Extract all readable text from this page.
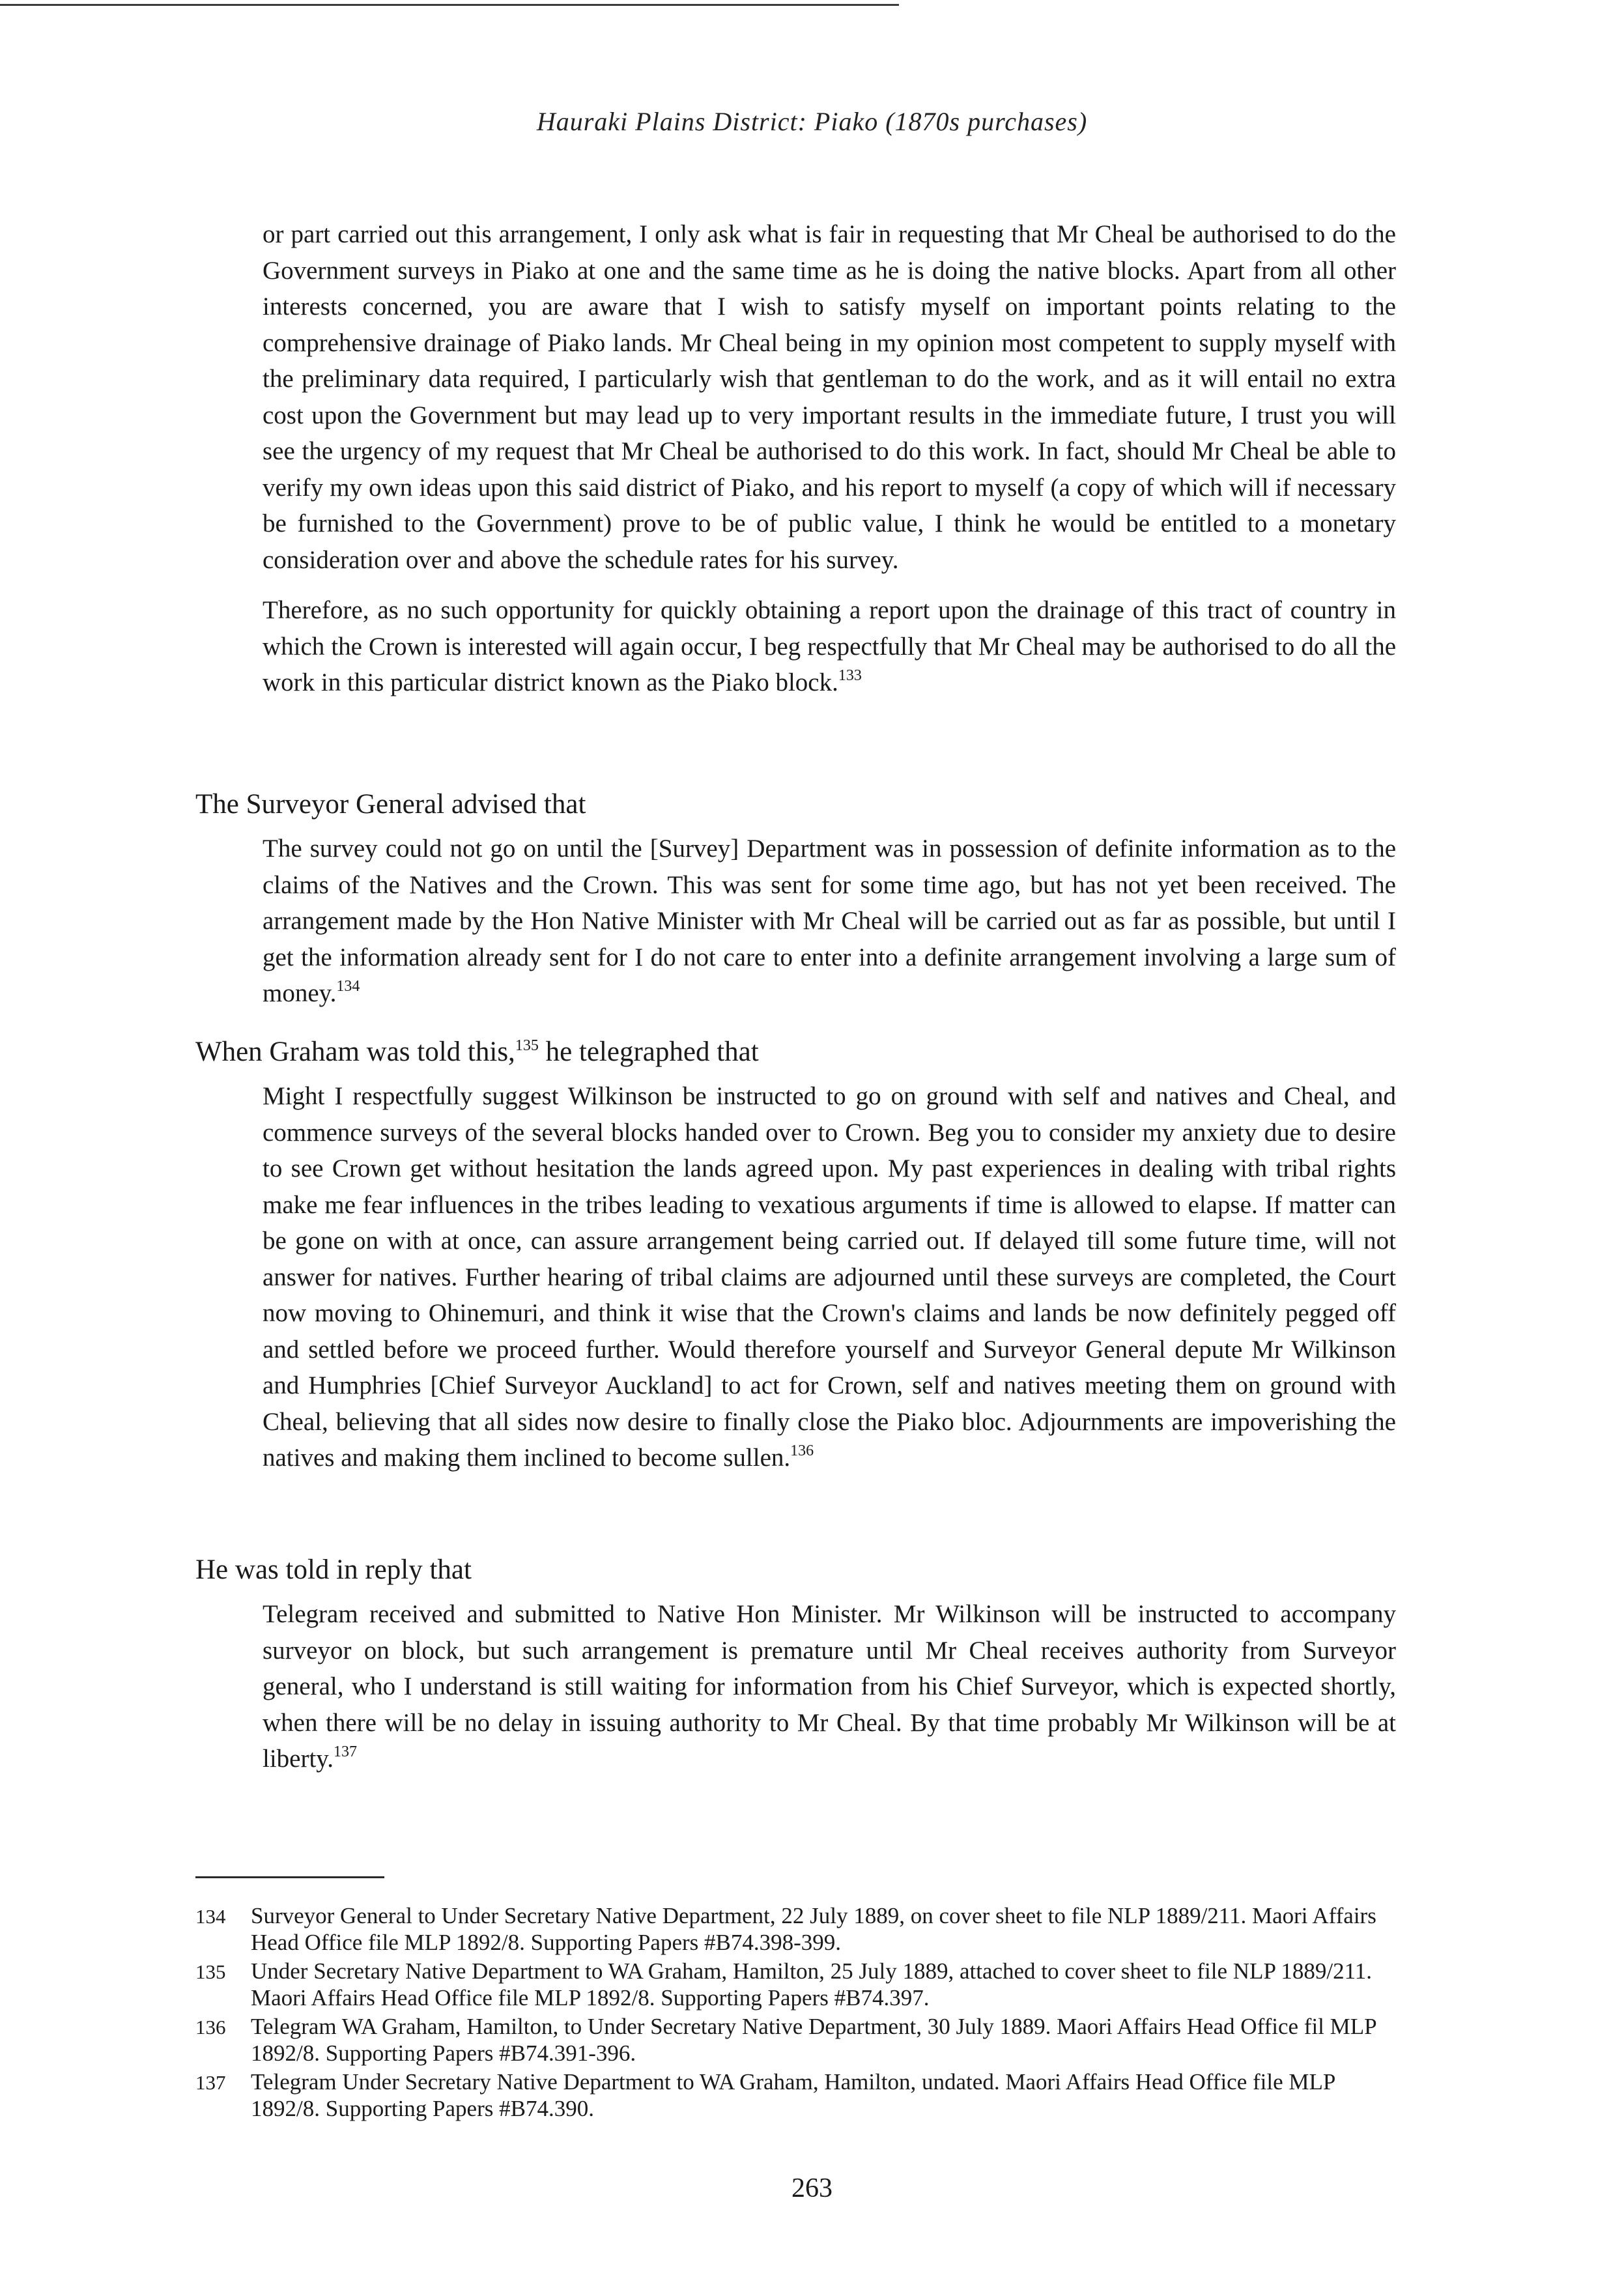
Hauraki Plains District: Piako (1870s purchases)

or part carried out this arrangement, I only ask what is fair in requesting that Mr Cheal be authorised to do the Government surveys in Piako at one and the same time as he is doing the native blocks. Apart from all other interests concerned, you are aware that I wish to satisfy myself on important points relating to the comprehensive drainage of Piako lands. Mr Cheal being in my opinion most competent to supply myself with the preliminary data required, I particularly wish that gentleman to do the work, and as it will entail no extra cost upon the Government but may lead up to very important results in the immediate future, I trust you will see the urgency of my request that Mr Cheal be authorised to do this work. In fact, should Mr Cheal be able to verify my own ideas upon this said district of Piako, and his report to myself (a copy of which will if necessary be furnished to the Government) prove to be of public value, I think he would be entitled to a monetary consideration over and above the schedule rates for his survey.

Therefore, as no such opportunity for quickly obtaining a report upon the drainage of this tract of country in which the Crown is interested will again occur, I beg respectfully that Mr Cheal may be authorised to do all the work in this particular district known as the Piako block.$^{133}$

The Surveyor General advised that

The survey could not go on until the [Survey] Department was in possession of definite information as to the claims of the Natives and the Crown. This was sent for some time ago, but has not yet been received. The arrangement made by the Hon Native Minister with Mr Cheal will be carried out as far as possible, but until I get the information already sent for I do not care to enter into a definite arrangement involving a large sum of money.$^{134}$

When Graham was told this,$^{135}$ he telegraphed that

Might I respectfully suggest Wilkinson be instructed to go on ground with self and natives and Cheal, and commence surveys of the several blocks handed over to Crown. Beg you to consider my anxiety due to desire to see Crown get without hesitation the lands agreed upon. My past experiences in dealing with tribal rights make me fear influences in the tribes leading to vexatious arguments if time is allowed to elapse. If matter can be gone on with at once, can assure arrangement being carried out. If delayed till some future time, will not answer for natives. Further hearing of tribal claims are adjourned until these surveys are completed, the Court now moving to Ohinemuri, and think it wise that the Crown's claims and lands be now definitely pegged off and settled before we proceed further. Would therefore yourself and Surveyor General depute Mr Wilkinson and Humphries [Chief Surveyor Auckland] to act for Crown, self and natives meeting them on ground with Cheal, believing that all sides now desire to finally close the Piako bloc. Adjournments are impoverishing the natives and making them inclined to become sullen.$^{136}$

He was told in reply that

Telegram received and submitted to Native Hon Minister. Mr Wilkinson will be instructed to accompany surveyor on block, but such arrangement is premature until Mr Cheal receives authority from Surveyor general, who I understand is still waiting for information from his Chief Surveyor, which is expected shortly, when there will be no delay in issuing authority to Mr Cheal. By that time probably Mr Wilkinson will be at liberty.$^{137}$

134	Surveyor General to Under Secretary Native Department, 22 July 1889, on cover sheet to file NLP 1889/211. Maori Affairs Head Office file MLP 1892/8. Supporting Papers #B74.398-399.
135	Under Secretary Native Department to WA Graham, Hamilton, 25 July 1889, attached to cover sheet to file NLP 1889/211. Maori Affairs Head Office file MLP 1892/8. Supporting Papers #B74.397.
136	Telegram WA Graham, Hamilton, to Under Secretary Native Department, 30 July 1889. Maori Affairs Head Office fil MLP 1892/8. Supporting Papers #B74.391-396.
137	Telegram Under Secretary Native Department to WA Graham, Hamilton, undated. Maori Affairs Head Office file MLP 1892/8. Supporting Papers #B74.390.
263
